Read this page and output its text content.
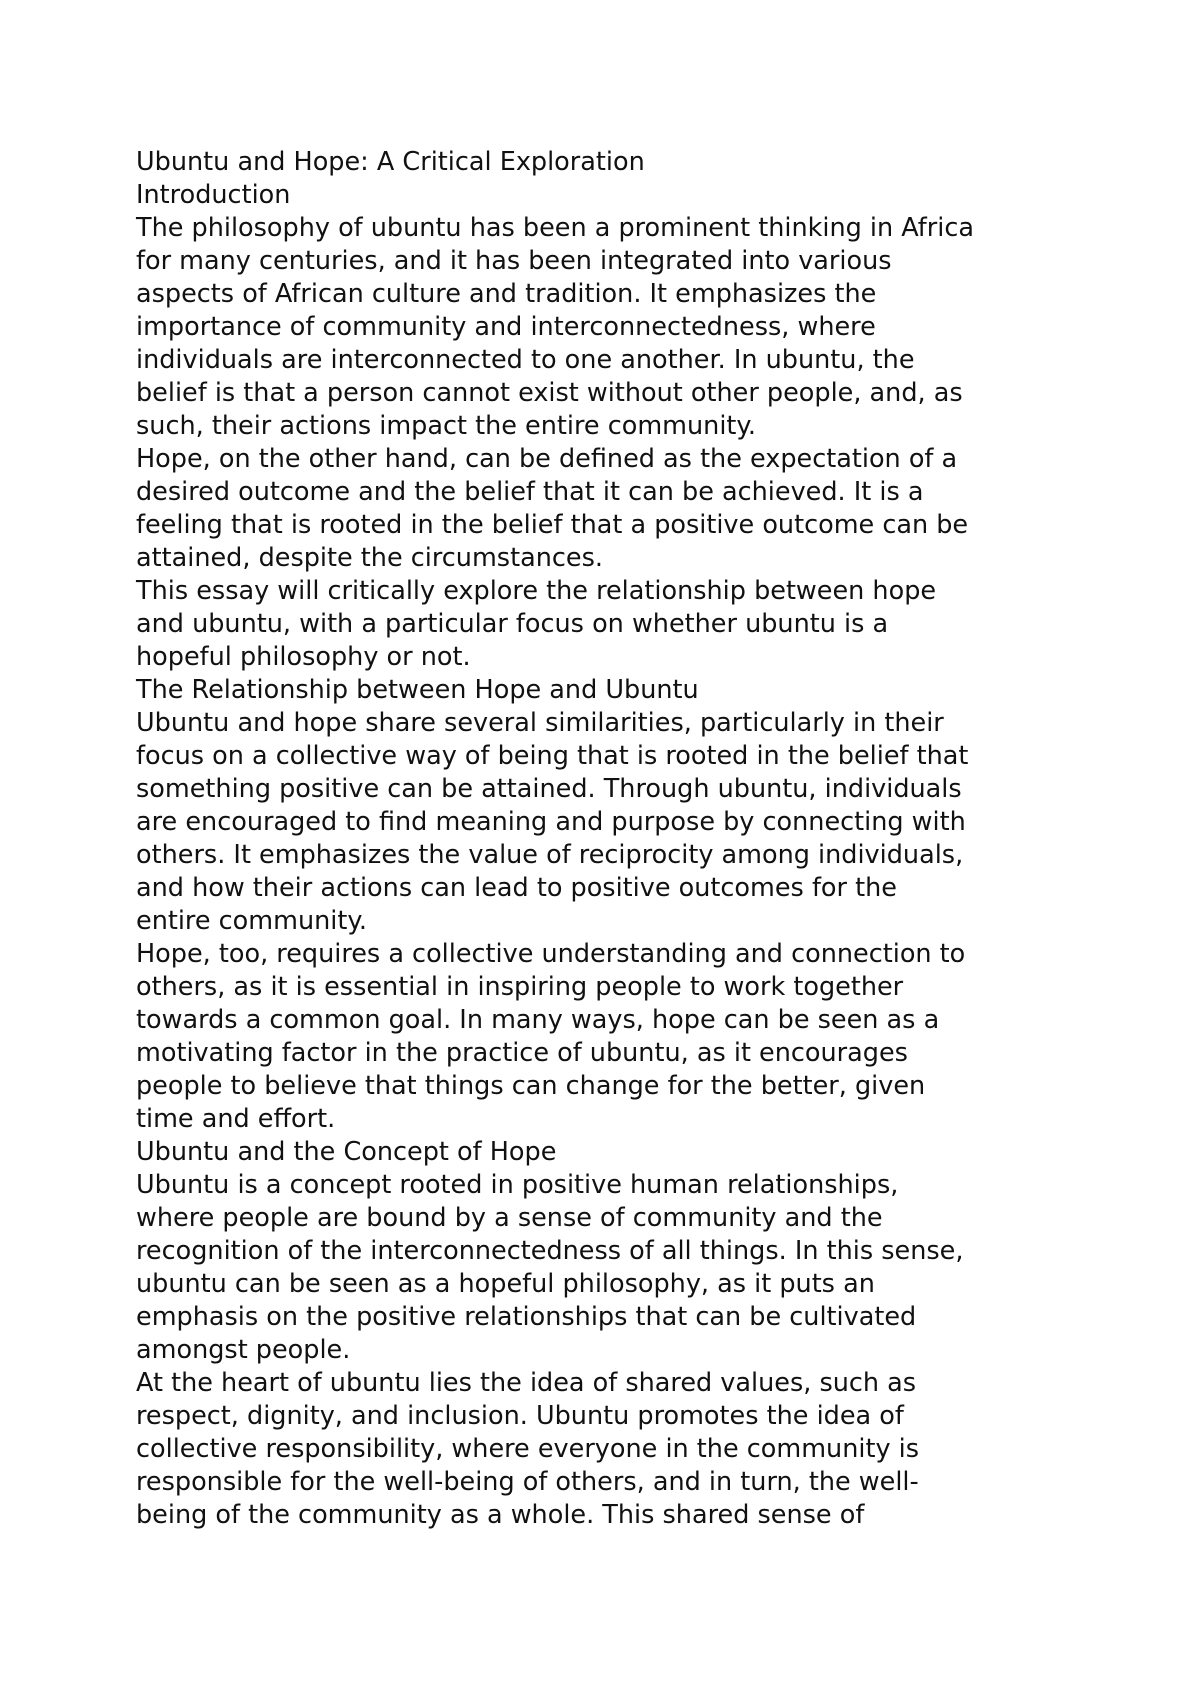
Ubuntu and Hope: A Critical Exploration
Introduction
The philosophy of ubuntu has been a prominent thinking in Africa
for many centuries, and it has been integrated into various
aspects of African culture and tradition. It emphasizes the
importance of community and interconnectedness, where
individuals are interconnected to one another. In ubuntu, the
belief is that a person cannot exist without other people, and, as
such, their actions impact the entire community.
Hope, on the other hand, can be defined as the expectation of a
desired outcome and the belief that it can be achieved. It is a
feeling that is rooted in the belief that a positive outcome can be
attained, despite the circumstances.
This essay will critically explore the relationship between hope
and ubuntu, with a particular focus on whether ubuntu is a
hopeful philosophy or not.
The Relationship between Hope and Ubuntu
Ubuntu and hope share several similarities, particularly in their
focus on a collective way of being that is rooted in the belief that
something positive can be attained. Through ubuntu, individuals
are encouraged to find meaning and purpose by connecting with
others. It emphasizes the value of reciprocity among individuals,
and how their actions can lead to positive outcomes for the
entire community.
Hope, too, requires a collective understanding and connection to
others, as it is essential in inspiring people to work together
towards a common goal. In many ways, hope can be seen as a
motivating factor in the practice of ubuntu, as it encourages
people to believe that things can change for the better, given
time and effort.
Ubuntu and the Concept of Hope
Ubuntu is a concept rooted in positive human relationships,
where people are bound by a sense of community and the
recognition of the interconnectedness of all things. In this sense,
ubuntu can be seen as a hopeful philosophy, as it puts an
emphasis on the positive relationships that can be cultivated
amongst people.
At the heart of ubuntu lies the idea of shared values, such as
respect, dignity, and inclusion. Ubuntu promotes the idea of
collective responsibility, where everyone in the community is
responsible for the well-being of others, and in turn, the well-
being of the community as a whole. This shared sense of
